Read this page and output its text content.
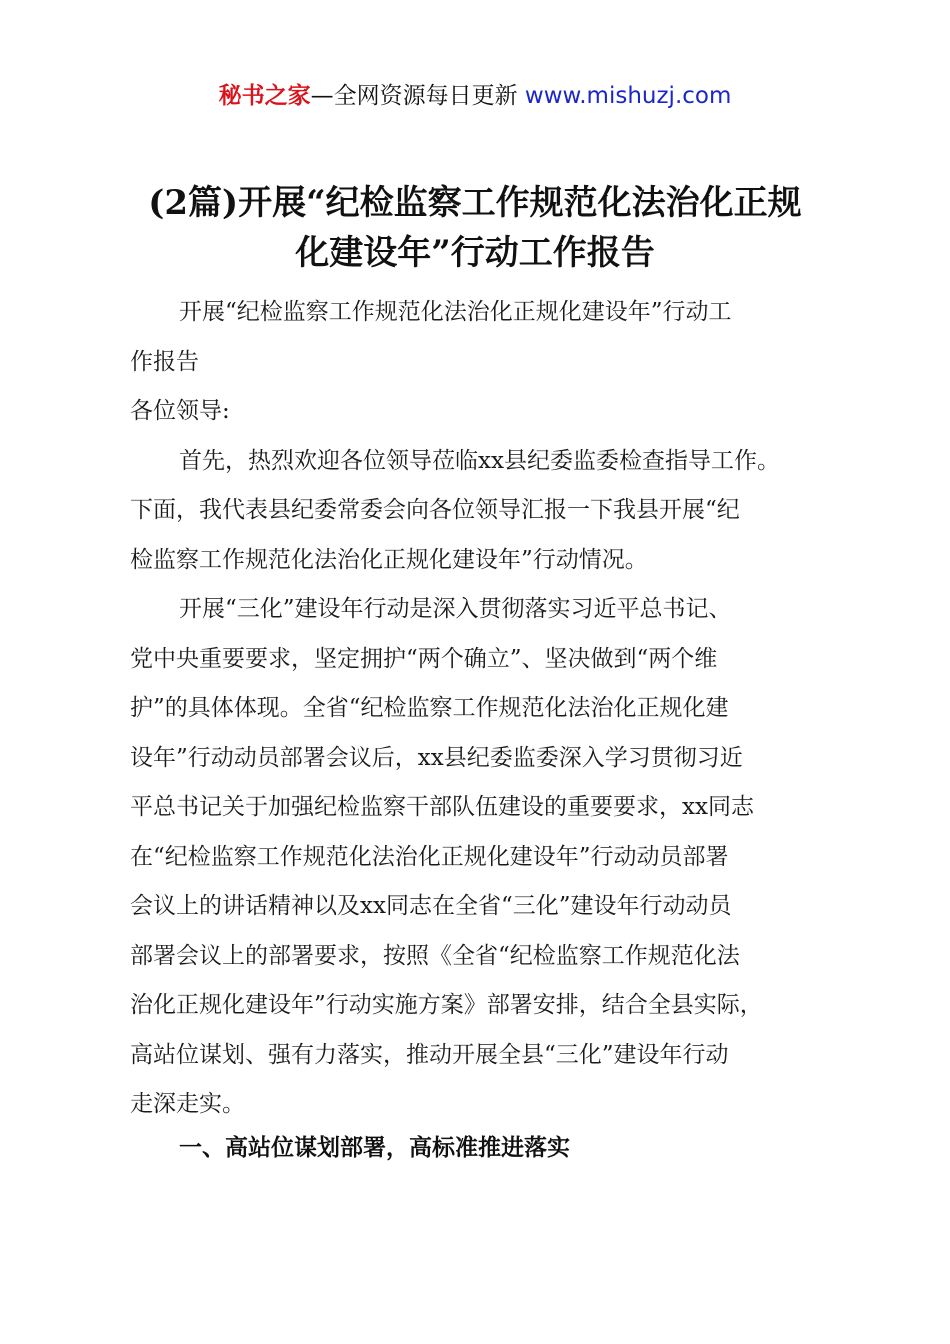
秘书之家—全网资源每日更新 www.mishuzj.com
(2篇)开展“纪检监察工作规范化法治化正规
化建设年”行动工作报告
开展“纪检监察工作规范化法治化正规化建设年”行动工
作报告
各位领导:
首先，热烈欢迎各位领导莅临xx县纪委监委检查指导工作。
下面，我代表县纪委常委会向各位领导汇报一下我县开展“纪
检监察工作规范化法治化正规化建设年”行动情况。
开展“三化”建设年行动是深入贯彻落实习近平总书记、
党中央重要要求，坚定拥护“两个确立”、坚决做到“两个维
护”的具体体现。全省“纪检监察工作规范化法治化正规化建
设年”行动动员部署会议后，xx县纪委监委深入学习贯彻习近
平总书记关于加强纪检监察干部队伍建设的重要要求，xx同志
在“纪检监察工作规范化法治化正规化建设年”行动动员部署
会议上的讲话精神以及xx同志在全省“三化”建设年行动动员
部署会议上的部署要求，按照《全省“纪检监察工作规范化法
治化正规化建设年”行动实施方案》部署安排，结合全县实际，
高站位谋划、强有力落实，推动开展全县“三化”建设年行动
走深走实。
一、高站位谋划部署，高标准推进落实
